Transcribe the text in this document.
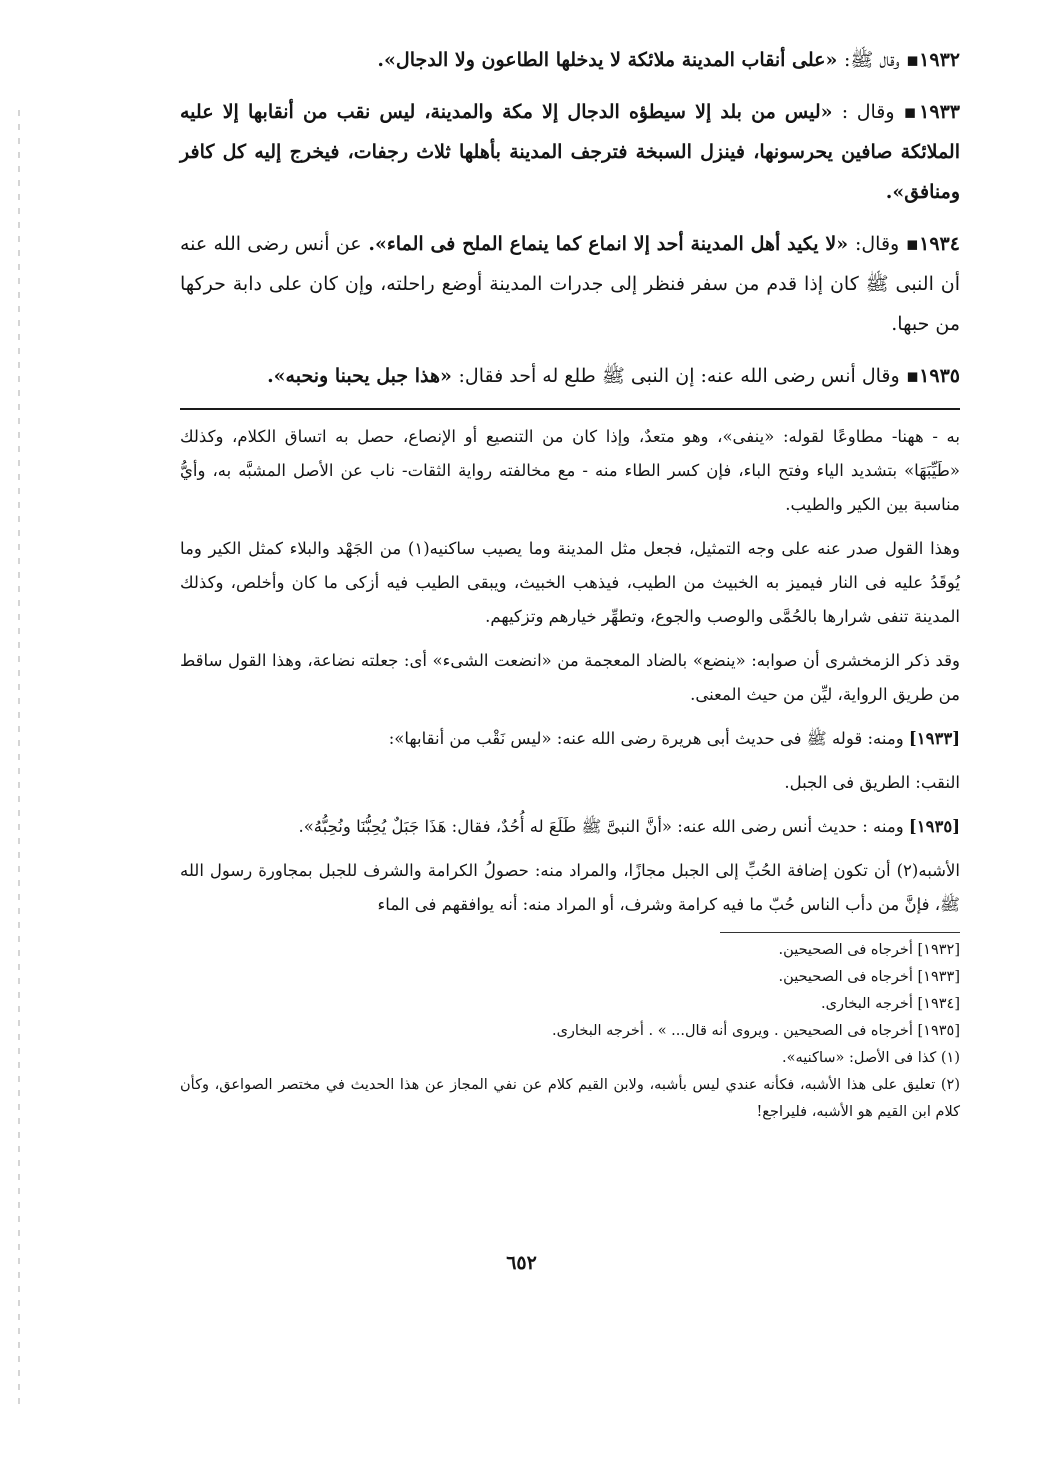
١٩٣٢▪ وقال ﷺ: «على أنقاب المدينة ملائكة لا يدخلها الطاعون ولا الدجال».

١٩٣٣▪ وقال : «ليس من بلد إلا سيطؤه الدجال إلا مكة والمدينة، ليس نقب من أنقابها إلا عليه الملائكة صافين يحرسونها، فينزل السبخة فترجف المدينة بأهلها ثلاث رجفات، فيخرج إليه كل كافر ومنافق».

١٩٣٤▪ وقال: «لا يكيد أهل المدينة أحد إلا انماع كما ينماع الملح فى الماء». عن أنس رضى الله عنه أن النبى ﷺ كان إذا قدم من سفر فنظر إلى جدرات المدينة أوضع راحلته، وإن كان على دابة حركها من حبها.

١٩٣٥▪ وقال أنس رضى الله عنه: إن النبى ﷺ طلع له أحد فقال: «هذا جبل يحبنا ونحبه».

به - ههنا- مطاوعًا لقوله: «ينفى»، وهو متعدٌ، وإذا كان من التنصيع أو الإنصاع، حصل به اتساق الكلام، وكذلك «طَيِّبَهَا» بتشديد الياء وفتح الباء، فإن كسر الطاء منه - مع مخالفته رواية الثقات- ناب عن الأصل المشبَّه به، وأيُّ مناسبة بين الكير والطيب.

وهذا القول صدر عنه على وجه التمثيل، فجعل مثل المدينة وما يصيب ساكنيه(١) من الجَهْد والبلاء كمثل الكير وما يُوقَدُ عليه فى النار فيميز به الخبيث من الطيب، فيذهب الخبيث، ويبقى الطيب فيه أزكى ما كان وأخلص، وكذلك المدينة تنفى شرارها بالحُمَّى والوصب والجوع، وتطهِّر خيارهم وتزكيهم.

وقد ذكر الزمخشرى أن صوابه: «ينضع» بالضاد المعجمة من «انضعت الشىء» أى: جعلته نضاعة، وهذا القول ساقط من طريق الرواية، ليِّن من حيث المعنى.

[١٩٣٣] ومنه: قوله ﷺ فى حديث أبى هريرة رضى الله عنه: «ليس نَقْب من أنقابها»:

النقب: الطريق فى الجبل.

[١٩٣٥] ومنه : حديث أنس رضى الله عنه: «أنَّ النبىَّ ﷺ طَلَعَ له أُحُدٌ، فقال: هَذَا جَبَلٌ يُحِبُّنَا ونُحِبُّهُ».

الأشبه(٢) أن تكون إضافة الحُبِّ إلى الجبل مجازًا، والمراد منه: حصولُ الكرامة والشرف للجبل بمجاورة رسول الله ﷺ، فإنَّ من دأب الناس حُبّ ما فيه كرامة وشرف، أو المراد منه: أنه يوافقهم فى الماء

[١٩٣٢] أخرجاه فى الصحيحين.
[١٩٣٣] أخرجاه فى الصحيحين.
[١٩٣٤] أخرجه البخارى.
[١٩٣٥] أخرجاه فى الصحيحين . ويروى أنه قال... » . أخرجه البخارى.
(١) كذا فى الأصل: «ساكنيه».
(٢) تعليق على هذا الأشبه، فكأنه عندي ليس بأشبه، ولابن القيم كلام عن نفي المجاز عن هذا الحديث في مختصر الصواعق، وكأن كلام ابن القيم هو الأشبه، فليراجع!
٦٥٢
